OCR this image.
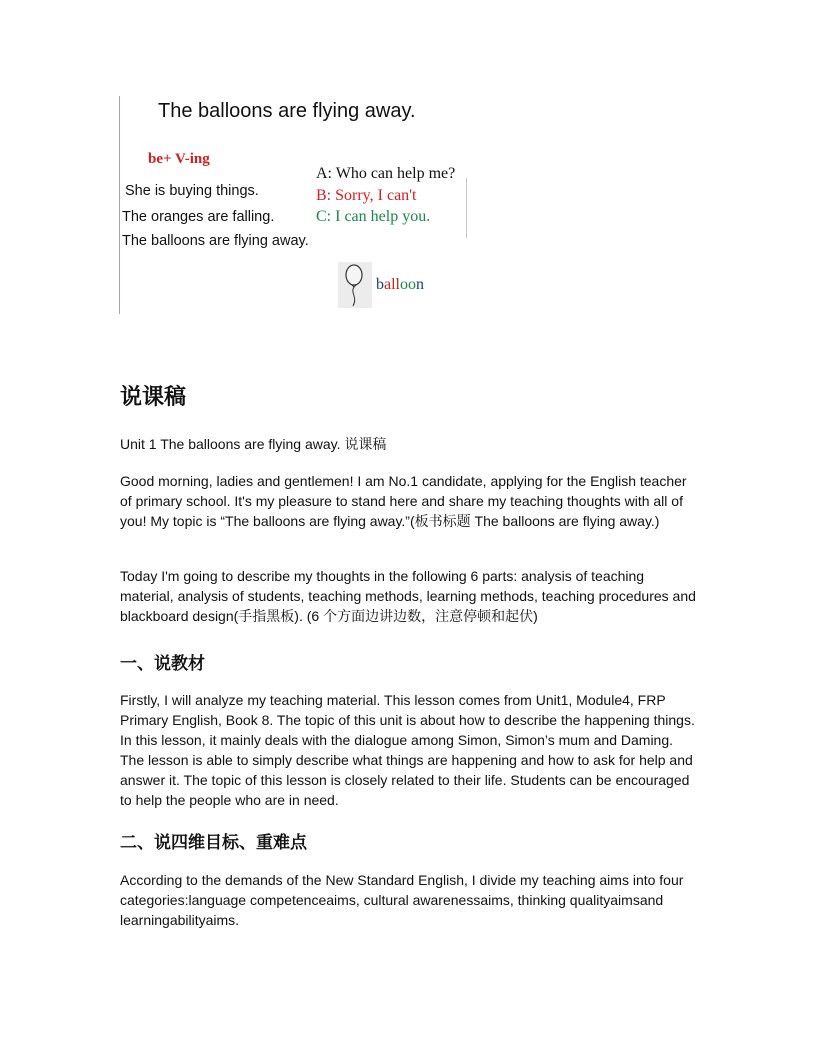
The balloons are flying away.
be+ V-ing
She is buying things.
The oranges are falling.
The balloons are flying away.
A: Who can help me?
B: Sorry, I can't
C: I can help you.
balloon
说课稿
Unit 1 The balloons are flying away. 说课稿
Good morning, ladies and gentlemen! I am No.1 candidate, applying for the English teacher of primary school. It's my pleasure to stand here and share my teaching thoughts with all of you! My topic is “The balloons are flying away.”(板书标题 The balloons are flying away.)
Today I'm going to describe my thoughts in the following 6 parts: analysis of teaching material, analysis of students, teaching methods, learning methods, teaching procedures and blackboard design(手指黑板). (6 个方面边讲边数，注意停顿和起伏)
一、说教材
Firstly, I will analyze my teaching material. This lesson comes from Unit1, Module4, FRP Primary English, Book 8. The topic of this unit is about how to describe the happening things. In this lesson, it mainly deals with the dialogue among Simon, Simon’s mum and Daming. The lesson is able to simply describe what things are happening and how to ask for help and answer it. The topic of this lesson is closely related to their life. Students can be encouraged to help the people who are in need.
二、说四维目标、重难点
According to the demands of the New Standard English, I divide my teaching aims into four categories:language competenceaims, cultural awarenessaims, thinking qualityaimsand learningabilityaims.
